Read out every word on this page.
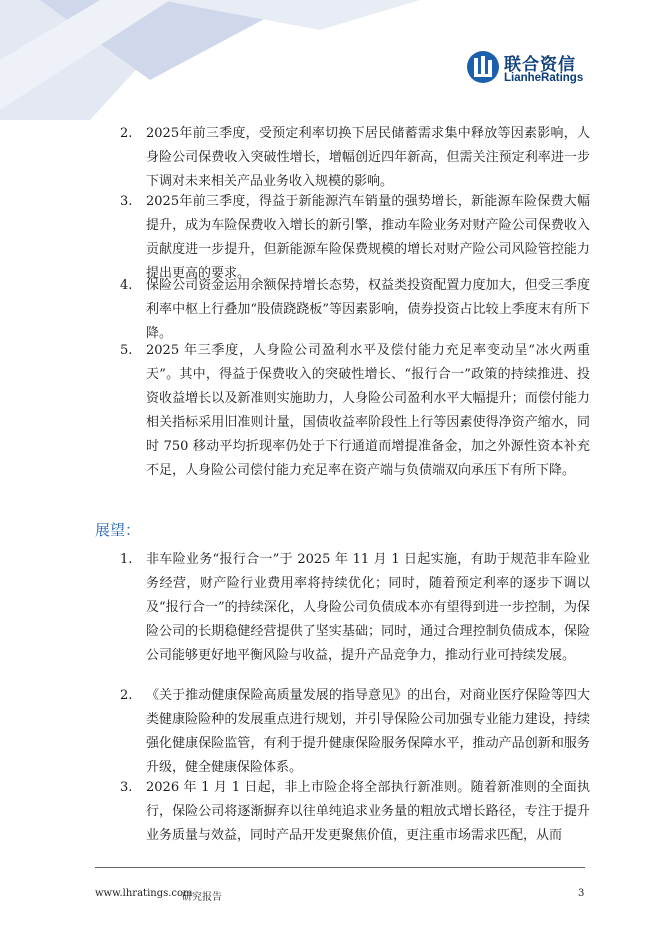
联合资信
LianheRatings
2. 2025年前三季度，受预定利率切换下居民储蓄需求集中释放等因素影响，人身险公司保费收入突破性增长，增幅创近四年新高，但需关注预定利率进一步下调对未来相关产品业务收入规模的影响。

3. 2025年前三季度，得益于新能源汽车销量的强势增长，新能源车险保费大幅提升，成为车险保费收入增长的新引擎，推动车险业务对财产险公司保费收入贡献度进一步提升，但新能源车险保费规模的增长对财产险公司风险管控能力提出更高的要求。

4. 保险公司资金运用余额保持增长态势，权益类投资配置力度加大，但受三季度利率中枢上行叠加“股债跷跷板”等因素影响，债券投资占比较上季度末有所下降。

5. 2025 年三季度，人身险公司盈利水平及偿付能力充足率变动呈“冰火两重天”。其中，得益于保费收入的突破性增长、“报行合一”政策的持续推进、投资收益增长以及新准则实施助力，人身险公司盈利水平大幅提升；而偿付能力相关指标采用旧准则计量，国债收益率阶段性上行等因素使得净资产缩水，同时 750 移动平均折现率仍处于下行通道而增提准备金，加之外源性资本补充不足，人身险公司偿付能力充足率在资产端与负债端双向承压下有所下降。

展望：
1. 非车险业务“报行合一”于 2025 年 11 月 1 日起实施，有助于规范非车险业务经营，财产险行业费用率将持续优化；同时，随着预定利率的逐步下调以及“报行合一”的持续深化，人身险公司负债成本亦有望得到进一步控制，为保险公司的长期稳健经营提供了坚实基础；同时，通过合理控制负债成本，保险公司能够更好地平衡风险与收益，提升产品竞争力，推动行业可持续发展。

2. 《关于推动健康保险高质量发展的指导意见》的出台，对商业医疗保险等四大类健康险险种的发展重点进行规划，并引导保险公司加强专业能力建设，持续强化健康保险监管，有利于提升健康保险服务保障水平，推动产品创新和服务升级，健全健康保险体系。

3. 2026 年 1 月 1 日起，非上市险企将全部执行新准则。随着新准则的全面执行，保险公司将逐渐摒弃以往单纯追求业务量的粗放式增长路径，专注于提升业务质量与效益，同时产品开发更聚焦价值，更注重市场需求匹配，从而

www.lhratings.com
研究报告	3
